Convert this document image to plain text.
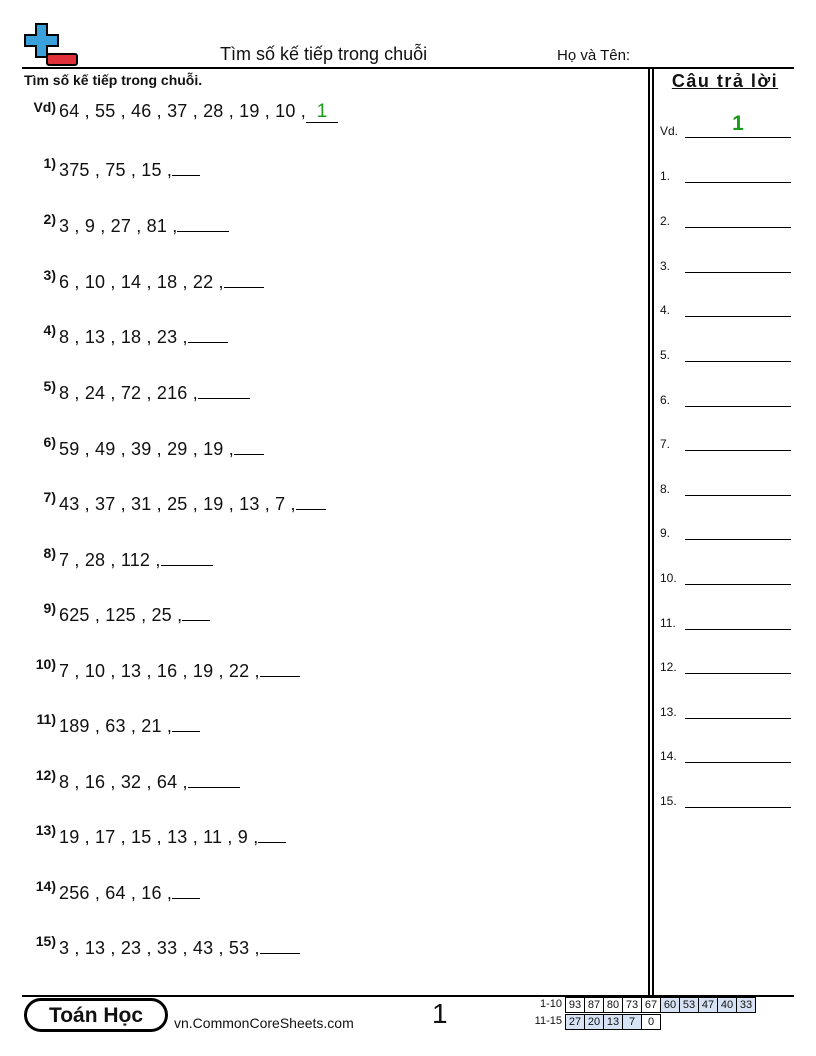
Tìm số kế tiếp trong chuỗi	Họ và Tên:
Tìm số kế tiếp trong chuỗi.
Vd) 64 , 55 , 46 , 37 , 28 , 19 , 10 , 1
1) 375 , 75 , 15 ,
2) 3 , 9 , 27 , 81 ,
3) 6 , 10 , 14 , 18 , 22 ,
4) 8 , 13 , 18 , 23 ,
5) 8 , 24 , 72 , 216 ,
6) 59 , 49 , 39 , 29 , 19 ,
7) 43 , 37 , 31 , 25 , 19 , 13 , 7 ,
8) 7 , 28 , 112 ,
9) 625 , 125 , 25 ,
10) 7 , 10 , 13 , 16 , 19 , 22 ,
11) 189 , 63 , 21 ,
12) 8 , 16 , 32 , 64 ,
13) 19 , 17 , 15 , 13 , 11 , 9 ,
14) 256 , 64 , 16 ,
15) 3 , 13 , 23 , 33 , 43 , 53 ,
Câu trả lời
Vd.	1
1.
2.
3.
4.
5.
6.
7.
8.
9.
10.
11.
12.
13.
14.
15.
Toán Học	vn.CommonCoreSheets.com	1	1-10 93	87	80	73	67	60	53	47	40	33
11-15 27	20	13	7	0
